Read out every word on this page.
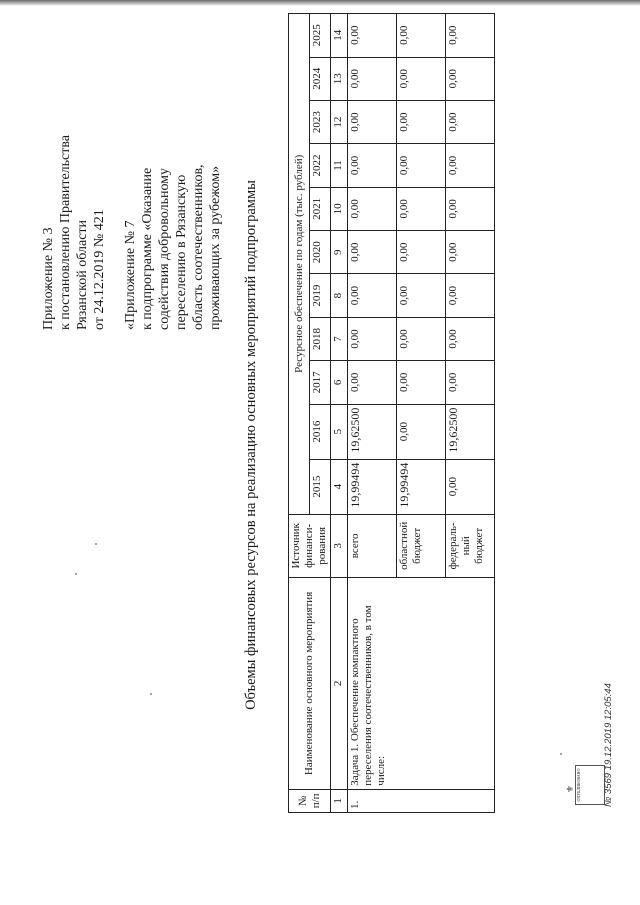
Приложение № 3 к постановлению Правительства Рязанской области от 24.12.2019 № 421 «Приложение № 7 к подпрограмме «Оказание содействия добровольному переселению в Рязанскую область соотечественников, проживающих за рубежом» Объемы финансовых ресурсов на реализацию основных мероприятий подпрограммы
№ п/п	Наименование основного мероприятия	Источник финанси-рования	Ресурсное обеспечение по годам (тыс. рублей)										
			2015	2016	2017	2018	2019	2020	2021	2022	2023	2024	2025
1	2	3	4	5	6	7	8	9	10	11	12	13	14
1.	Задача 1. Обеспечение компактного переселения соотечественников, в том числе:	всего	19,99494	19,62500	0,00	0,00	0,00	0,00	0,00	0,00	0,00	0,00	0,00
		областной бюджет	19,99494	0,00	0,00	0,00	0,00	0,00	0,00	0,00	0,00	0,00	0,00
		федераль-ный бюджет	0,00	19,62500	0,00	0,00	0,00	0,00	0,00	0,00	0,00	0,00	0,00
⚜ ОПУБЛИКОВАНО	№ 3569 19.12.2019 12:05:44
